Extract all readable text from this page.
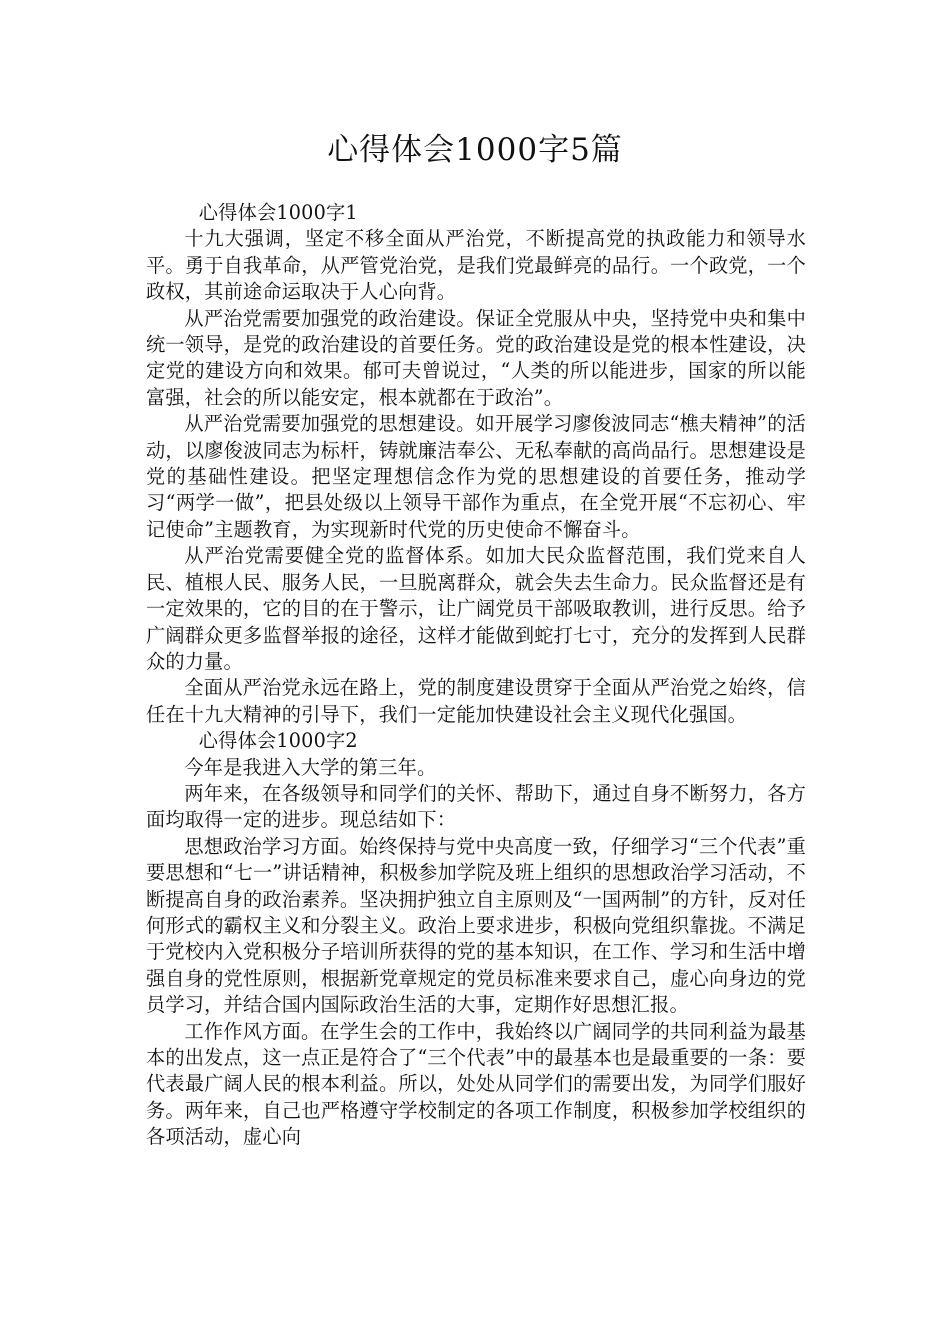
心得体会1000字5篇

心得体会1000字1

十九大强调，坚定不移全面从严治党，不断提高党的执政能力和领导水平。勇于自我革命，从严管党治党，是我们党最鲜亮的品行。一个政党，一个政权，其前途命运取决于人心向背。

从严治党需要加强党的政治建设。保证全党服从中央，坚持党中央和集中统一领导，是党的政治建设的首要任务。党的政治建设是党的根本性建设，决定党的建设方向和效果。郁可夫曾说过，“人类的所以能进步，国家的所以能富强，社会的所以能安定，根本就都在于政治”。

从严治党需要加强党的思想建设。如开展学习廖俊波同志“樵夫精神”的活动，以廖俊波同志为标杆，铸就廉洁奉公、无私奉献的高尚品行。思想建设是党的基础性建设。把坚定理想信念作为党的思想建设的首要任务，推动学习“两学一做”，把县处级以上领导干部作为重点，在全党开展“不忘初心、牢记使命”主题教育，为实现新时代党的历史使命不懈奋斗。

从严治党需要健全党的监督体系。如加大民众监督范围，我们党来自人民、植根人民、服务人民，一旦脱离群众，就会失去生命力。民众监督还是有一定效果的，它的目的在于警示，让广阔党员干部吸取教训，进行反思。给予广阔群众更多监督举报的途径，这样才能做到蛇打七寸，充分的发挥到人民群众的力量。

全面从严治党永远在路上，党的制度建设贯穿于全面从严治党之始终，信任在十九大精神的引导下，我们一定能加快建设社会主义现代化强国。

心得体会1000字2

今年是我进入大学的第三年。

两年来，在各级领导和同学们的关怀、帮助下，通过自身不断努力，各方面均取得一定的进步。现总结如下：

思想政治学习方面。始终保持与党中央高度一致，仔细学习“三个代表”重要思想和“七一”讲话精神，积极参加学院及班上组织的思想政治学习活动，不断提高自身的政治素养。坚决拥护独立自主原则及“一国两制”的方针，反对任何形式的霸权主义和分裂主义。政治上要求进步，积极向党组织靠拢。不满足于党校内入党积极分子培训所获得的党的基本知识，在工作、学习和生活中增强自身的党性原则，根据新党章规定的党员标准来要求自己，虚心向身边的党员学习，并结合国内国际政治生活的大事，定期作好思想汇报。

工作作风方面。在学生会的工作中，我始终以广阔同学的共同利益为最基本的出发点，这一点正是符合了“三个代表”中的最基本也是最重要的一条：要代表最广阔人民的根本利益。所以，处处从同学们的需要出发，为同学们服好务。两年来，自己也严格遵守学校制定的各项工作制度，积极参加学校组织的各项活动，虚心向
